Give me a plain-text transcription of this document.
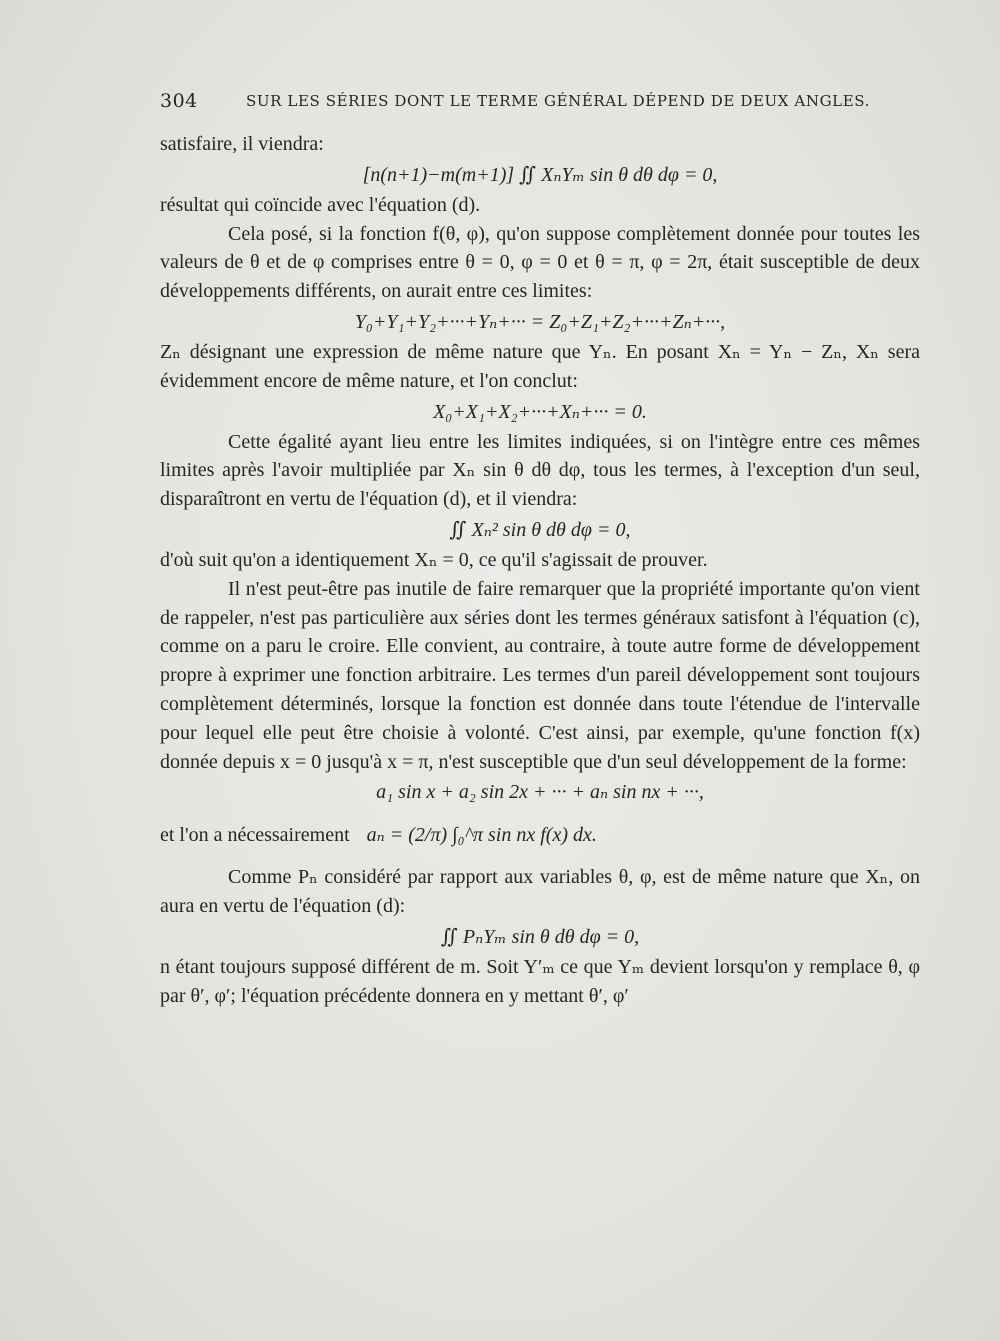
304	SUR LES SÉRIES DONT LE TERME GÉNÉRAL DÉPEND DE DEUX ANGLES.

satisfaire, il viendra:

[n(n+1)−m(m+1)] ∬ XₙYₘ sin θ dθ dφ = 0,

résultat qui coïncide avec l'équation (d).

Cela posé, si la fonction f(θ, φ), qu'on suppose complètement donnée pour toutes les valeurs de θ et de φ comprises entre θ = 0, φ = 0 et θ = π, φ = 2π, était susceptible de deux développements différents, on aurait entre ces limites:

Y₀+Y₁+Y₂+···+Yₙ+··· = Z₀+Z₁+Z₂+···+Zₙ+···,

Zₙ désignant une expression de même nature que Yₙ. En posant Xₙ = Yₙ − Zₙ, Xₙ sera évidemment encore de même nature, et l'on conclut:

X₀+X₁+X₂+···+Xₙ+··· = 0.

Cette égalité ayant lieu entre les limites indiquées, si on l'intègre entre ces mêmes limites après l'avoir multipliée par Xₙ sin θ dθ dφ, tous les termes, à l'exception d'un seul, disparaîtront en vertu de l'équation (d), et il viendra:

∬ Xₙ² sin θ dθ dφ = 0,

d'où suit qu'on a identiquement Xₙ = 0, ce qu'il s'agissait de prouver.

Il n'est peut-être pas inutile de faire remarquer que la propriété importante qu'on vient de rappeler, n'est pas particulière aux séries dont les termes généraux satisfont à l'équation (c), comme on a paru le croire. Elle convient, au contraire, à toute autre forme de développement propre à exprimer une fonction arbitraire. Les termes d'un pareil développement sont toujours complètement déterminés, lorsque la fonction est donnée dans toute l'étendue de l'intervalle pour lequel elle peut être choisie à volonté. C'est ainsi, par exemple, qu'une fonction f(x) donnée depuis x = 0 jusqu'à x = π, n'est susceptible que d'un seul développement de la forme:

a₁ sin x + a₂ sin 2x + ··· + aₙ sin nx + ···,
et l'on a nécessairement aₙ = (2/π) ∫₀^π sin nx f(x) dx.

Comme Pₙ considéré par rapport aux variables θ, φ, est de même nature que Xₙ, on aura en vertu de l'équation (d):

∬ PₙYₘ sin θ dθ dφ = 0,

n étant toujours supposé différent de m. Soit Y′ₘ ce que Yₘ devient lorsqu'on y remplace θ, φ par θ′, φ′; l'équation précédente donnera en y mettant θ′, φ′
